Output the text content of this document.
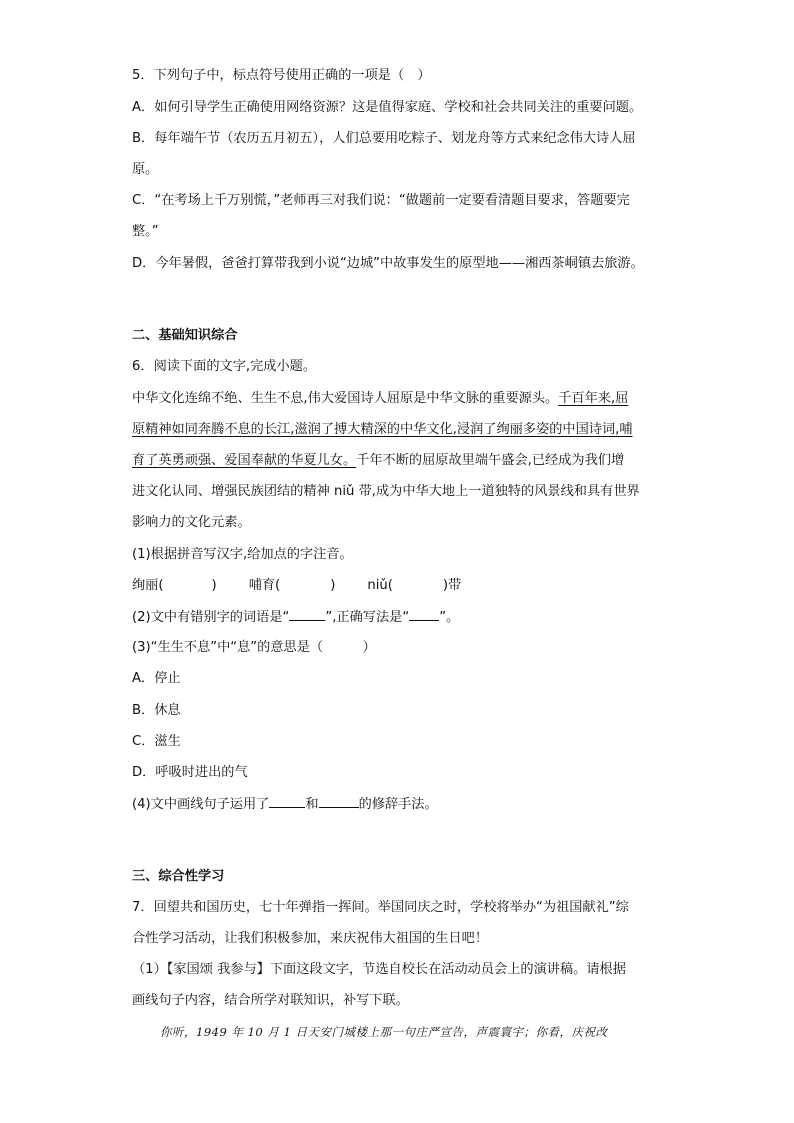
5．下列句子中，标点符号使用正确的一项是（　）
A．如何引导学生正确使用网络资源？这是值得家庭、学校和社会共同关注的重要问题。
B．每年端午节（农历五月初五），人们总要用吃粽子、划龙舟等方式来纪念伟大诗人屈
原。
C．“在考场上千万别慌，”老师再三对我们说：“做题前一定要看清题目要求，答题要完
整。”
D．今年暑假，爸爸打算带我到小说“边城”中故事发生的原型地——湘西茶峒镇去旅游。
二、基础知识综合
6．阅读下面的文字,完成小题。
中华文化连绵不绝、生生不息,伟大爱国诗人屈原是中华文脉的重要源头。千百年来,屈
原精神如同奔腾不息的长江,滋润了搏大精深的中华文化,浸润了绚丽多姿的中国诗词,哺
育了英勇顽强、爱国奉献的华夏儿女。千年不断的屈原故里端午盛会,已经成为我们增
进文化认同、增强民族团结的精神 niǔ 带,成为中华大地上一道独特的风景线和具有世界
影响力的文化元素。
(1)根据拼音写汉字,给加点的字注音。
绚丽(	) 哺育(	) niǔ(	)带
(2)文中有错别字的词语是“	”,正确写法是“ ”。
(3)“生生不息”中“息”的意思是（　　　）
A．停止
B．休息
C．滋生
D．呼吸时进出的气
(4)文中画线句子运用了	和	的修辞手法。
三、综合性学习
7．回望共和国历史，七十年弹指一挥间。举国同庆之时，学校将举办“为祖国献礼”综
合性学习活动，让我们积极参加，来庆祝伟大祖国的生日吧！
（1）【家国颂 我参与】下面这段文字，节选自校长在活动动员会上的演讲稿。请根据
画线句子内容，结合所学对联知识，补写下联。
你听，1949 年 10 月 1 日天安门城楼上那一句庄严宣告，声震寰宇；你看，庆祝改
